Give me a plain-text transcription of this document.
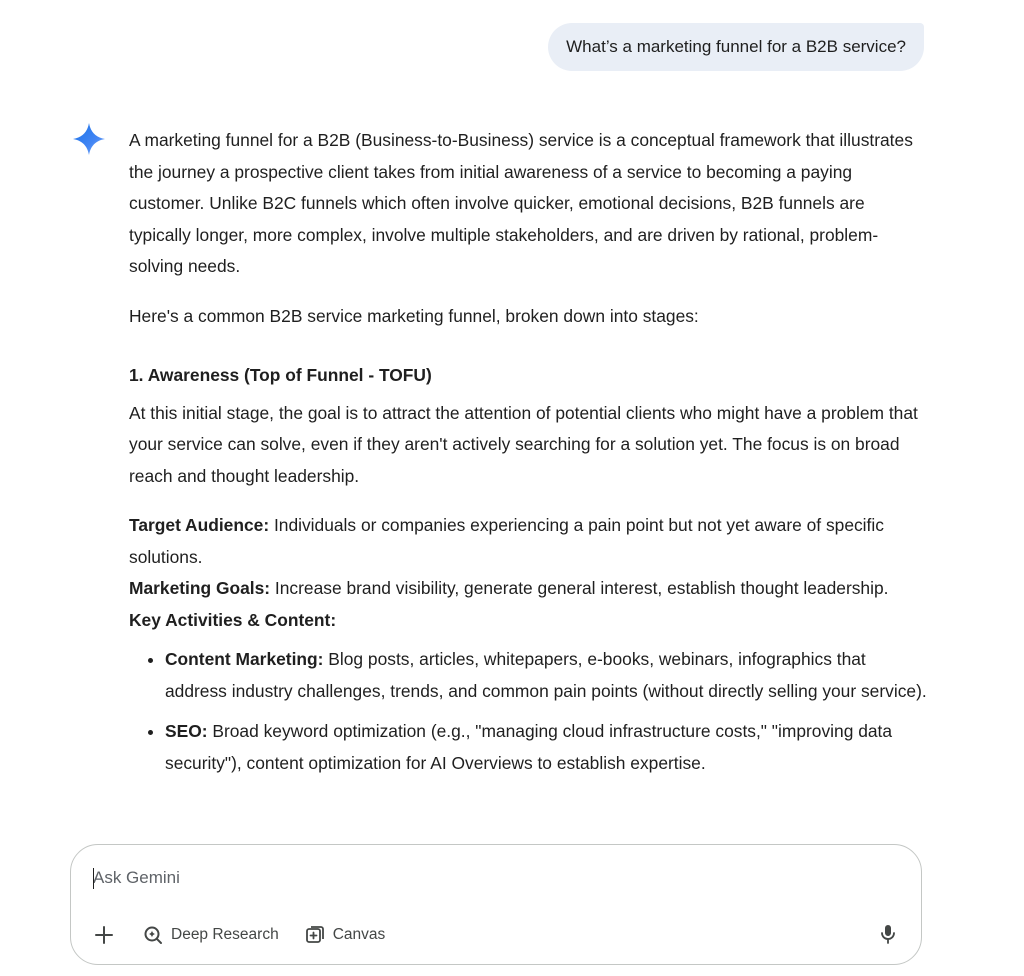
What’s a marketing funnel for a B2B service?

A marketing funnel for a B2B (Business-to-Business) service is a conceptual framework that illustrates the journey a prospective client takes from initial awareness of a service to becoming a paying customer. Unlike B2C funnels which often involve quicker, emotional decisions, B2B funnels are typically longer, more complex, involve multiple stakeholders, and are driven by rational, problem-solving needs.

Here's a common B2B service marketing funnel, broken down into stages:

1. Awareness (Top of Funnel - TOFU)

At this initial stage, the goal is to attract the attention of potential clients who might have a problem that your service can solve, even if they aren't actively searching for a solution yet. The focus is on broad reach and thought leadership.

Target Audience: Individuals or companies experiencing a pain point but not yet aware of specific solutions.

Marketing Goals: Increase brand visibility, generate general interest, establish thought leadership.

Key Activities & Content:

• Content Marketing: Blog posts, articles, whitepapers, e-books, webinars, infographics that address industry challenges, trends, and common pain points (without directly selling your service).
• SEO: Broad keyword optimization (e.g., "managing cloud infrastructure costs," "improving data security"), content optimization for AI Overviews to establish expertise.
Ask Gemini
Deep Research	Canvas
